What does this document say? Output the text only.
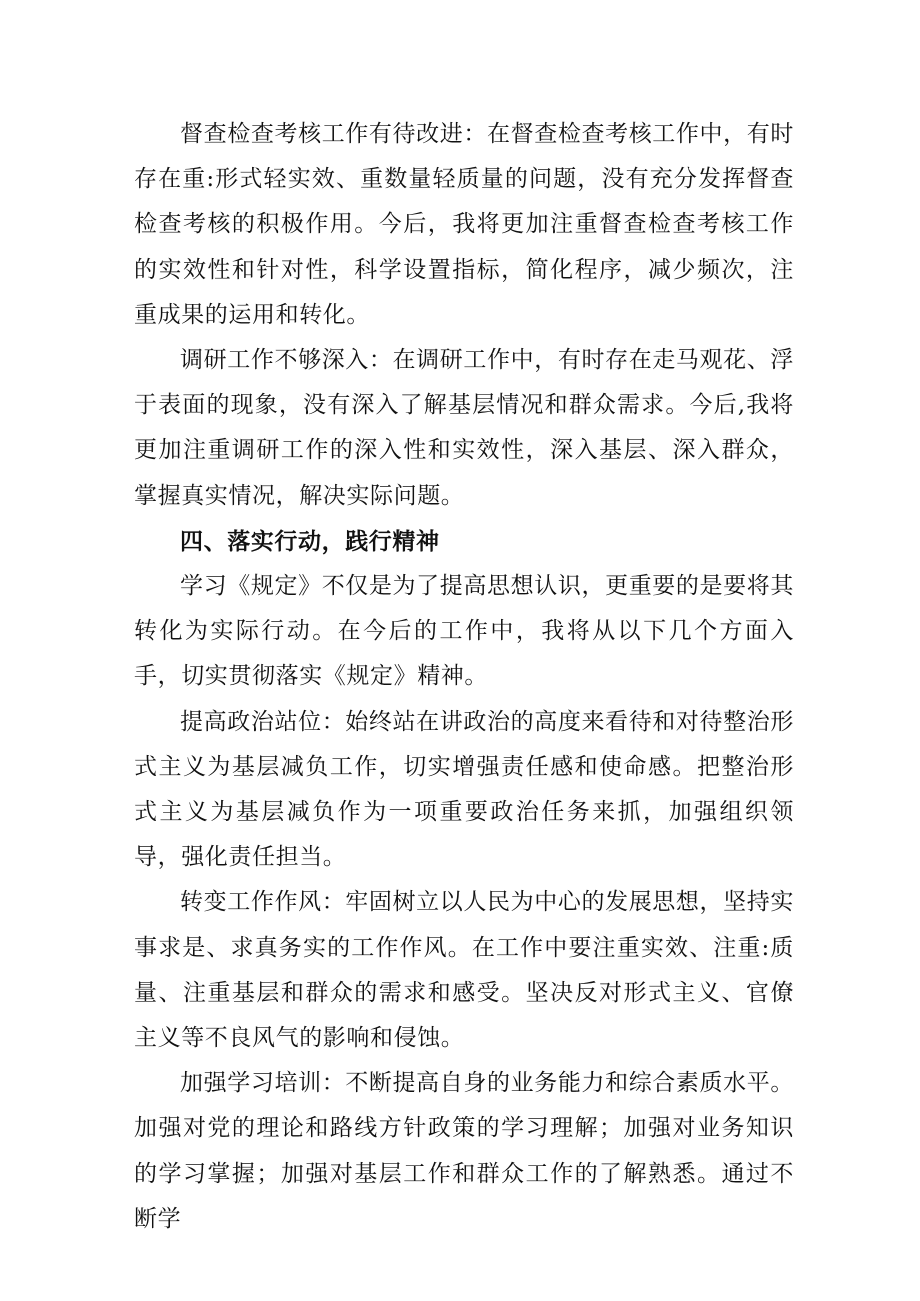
督查检查考核工作有待改进：在督查检查考核工作中，有时存在重:形式轻实效、重数量轻质量的问题，没有充分发挥督查检查考核的积极作用。今后，我将更加注重督查检查考核工作的实效性和针对性，科学设置指标，简化程序，减少频次，注重成果的运用和转化。

调研工作不够深入：在调研工作中，有时存在走马观花、浮于表面的现象，没有深入了解基层情况和群众需求。今后,我将更加注重调研工作的深入性和实效性，深入基层、深入群众，掌握真实情况，解决实际问题。

四、落实行动，践行精神

学习《规定》不仅是为了提高思想认识，更重要的是要将其转化为实际行动。在今后的工作中，我将从以下几个方面入手，切实贯彻落实《规定》精神。

提高政治站位：始终站在讲政治的高度来看待和对待整治形式主义为基层减负工作，切实增强责任感和使命感。把整治形式主义为基层减负作为一项重要政治任务来抓，加强组织领导，强化责任担当。

转变工作作风：牢固树立以人民为中心的发展思想，坚持实事求是、求真务实的工作作风。在工作中要注重实效、注重:质量、注重基层和群众的需求和感受。坚决反对形式主义、官僚主义等不良风气的影响和侵蚀。

加强学习培训：不断提高自身的业务能力和综合素质水平。加强对党的理论和路线方针政策的学习理解；加强对业务知识的学习掌握；加强对基层工作和群众工作的了解熟悉。通过不断学
